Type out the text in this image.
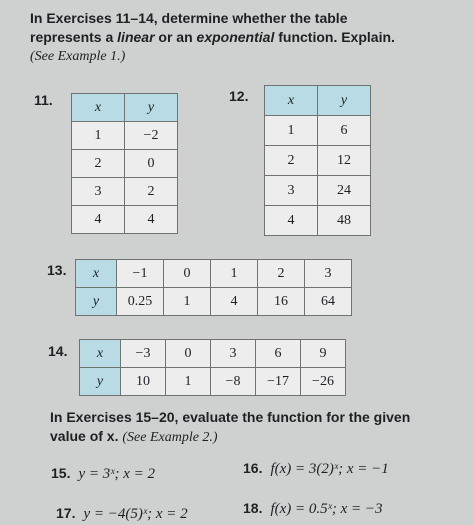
In Exercises 11–14, determine whether the table

represents a linear or an exponential function. Explain.

(See Example 1.)

11.	x	y
1	−2
2	0
3	2
4	4
12.	x	y
1	6
2	12
3	24
4	48
13. x	−1	0	1	2	3
y	0.25	1	4	16	64
14. x	−3	0	3	6	9
y	10	1	−8	−17	−26

In Exercises 15–20, evaluate the function for the given

value of x. (See Example 2.)

15. y = 3ˣ; x = 2	16. f(x) = 3(2)ˣ; x = −1
17. y = −4(5)ˣ; x = 2	18. f(x) = 0.5ˣ; x = −3
